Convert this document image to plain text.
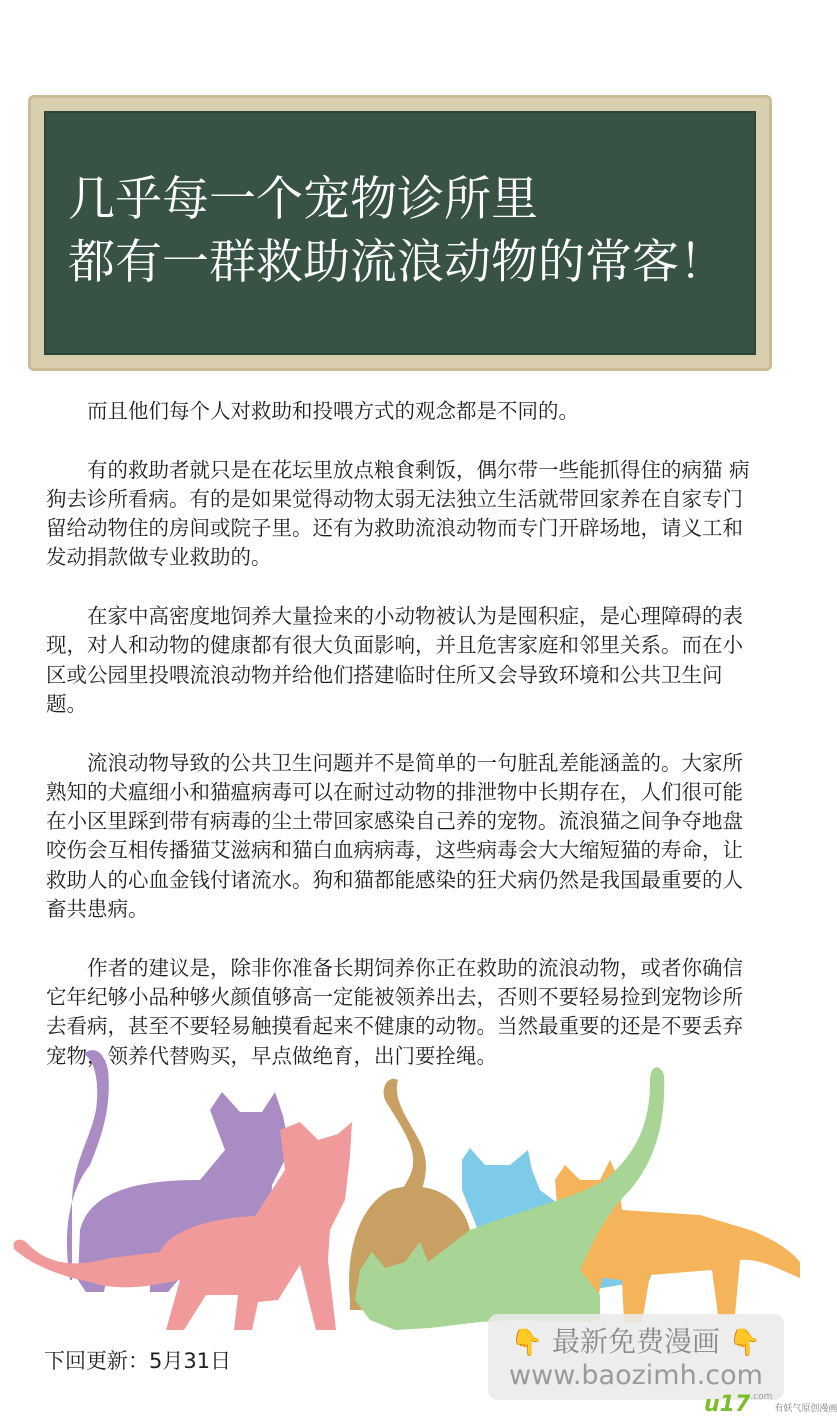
几乎每一个宠物诊所里
都有一群救助流浪动物的常客！

而且他们每个人对救助和投喂方式的观念都是不同的。

有的救助者就只是在花坛里放点粮食剩饭，偶尔带一些能抓得住的病猫 病狗去诊所看病。有的是如果觉得动物太弱无法独立生活就带回家养在自家专门留给动物住的房间或院子里。还有为救助流浪动物而专门开辟场地，请义工和发动捐款做专业救助的。

在家中高密度地饲养大量捡来的小动物被认为是囤积症，是心理障碍的表现，对人和动物的健康都有很大负面影响，并且危害家庭和邻里关系。而在小区或公园里投喂流浪动物并给他们搭建临时住所又会导致环境和公共卫生问题。

流浪动物导致的公共卫生问题并不是简单的一句脏乱差能涵盖的。大家所熟知的犬瘟细小和猫瘟病毒可以在耐过动物的排泄物中长期存在，人们很可能在小区里踩到带有病毒的尘土带回家感染自己养的宠物。流浪猫之间争夺地盘咬伤会互相传播猫艾滋病和猫白血病病毒，这些病毒会大大缩短猫的寿命，让救助人的心血金钱付诸流水。狗和猫都能感染的狂犬病仍然是我国最重要的人畜共患病。

作者的建议是，除非你准备长期饲养你正在救助的流浪动物，或者你确信它年纪够小品种够火颜值够高一定能被领养出去，否则不要轻易捡到宠物诊所去看病，甚至不要轻易触摸看起来不健康的动物。当然最重要的还是不要丢弃宠物，领养代替购买，早点做绝育，出门要拴绳。

下回更新：5月31日
👇 最新免费漫画 👇
www.baozimh.com
$u17^{.com}$有妖气原创漫画
